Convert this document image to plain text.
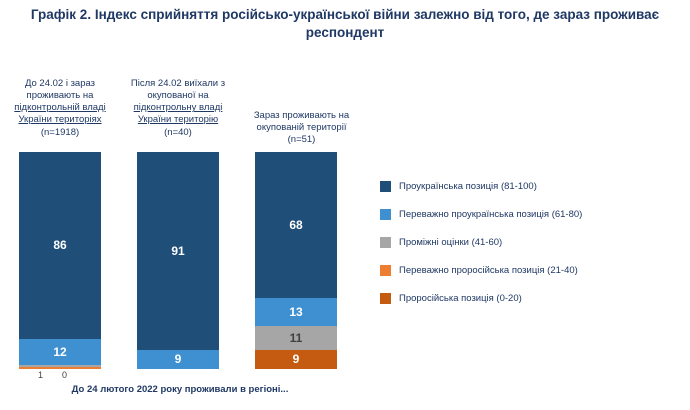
Графік 2. Індекс сприйняття російсько-української війни залежно від того, де зараз проживає респондент
До 24.02 і зараз
проживають на
підконтрольній владі
України територіях
(n=1918)
Після 24.02 виїхали з
окупованої на
підконтрольну владі
України територію
(n=40)
Зараз проживають на
окупованій території
(n=51)
86
12
1 0
91
9
68
13
11
9
До 24 лютого 2022 року проживали в регіоні...
Проукраїнська позиція (81-100)
Переважно проукраїнська позиція (61-80)
Проміжні оцінки (41-60)
Переважно проросійська позиція (21-40)
Проросійська позиція (0-20)
